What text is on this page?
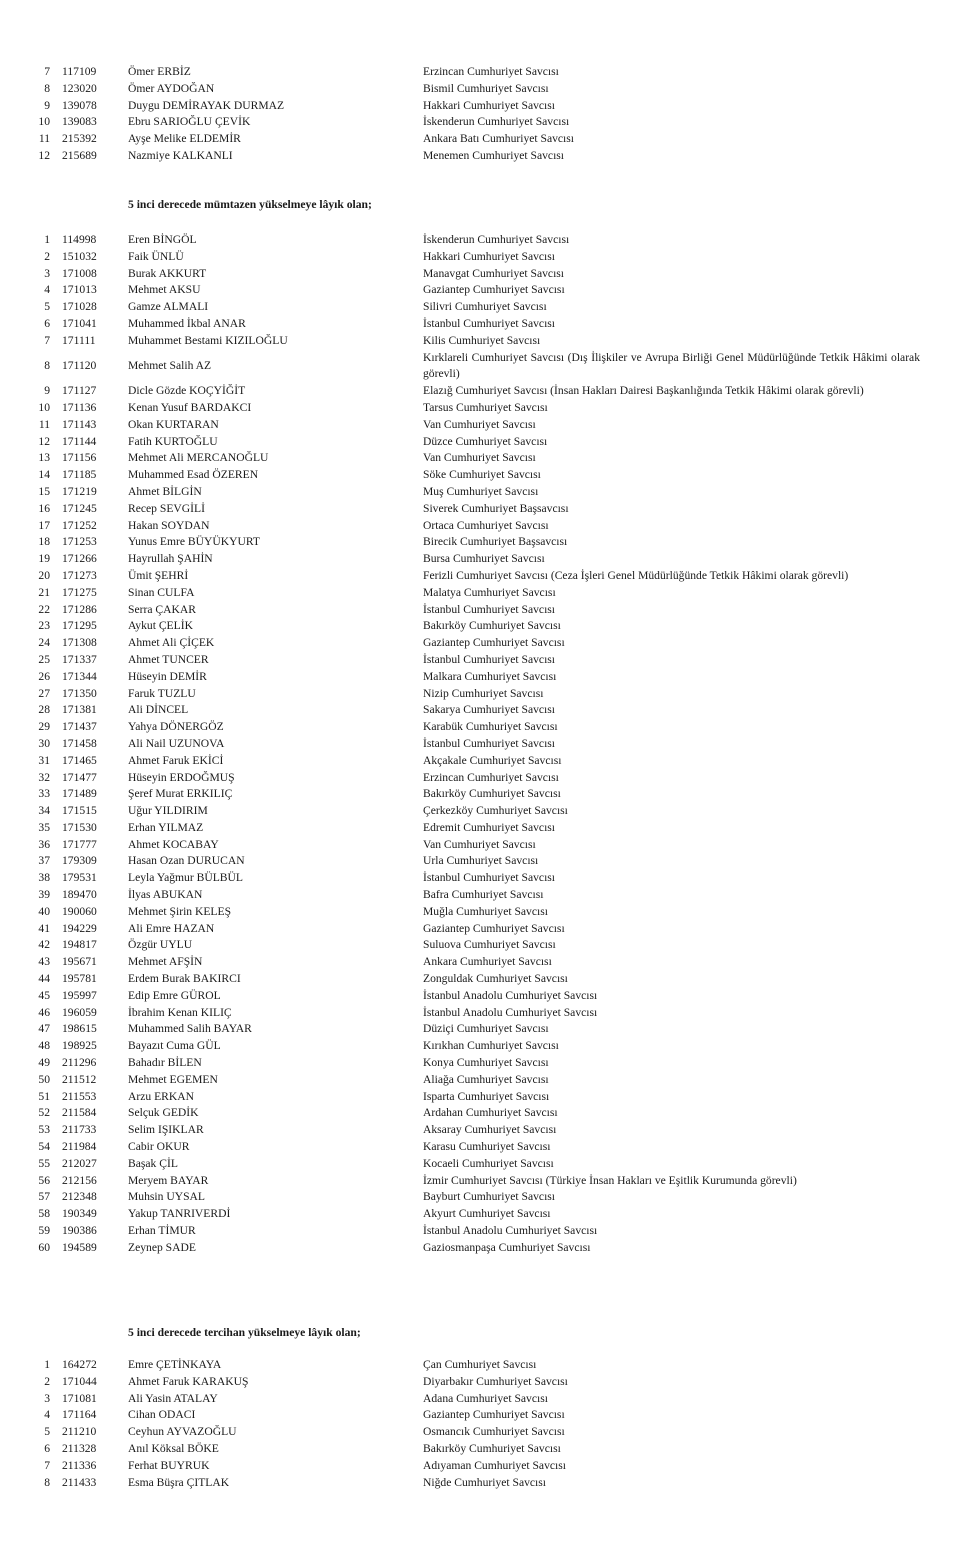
7 117109	Ömer ERBİZ	Erzincan Cumhuriyet Savcısı
8 123020	Ömer AYDOĞAN	Bismil Cumhuriyet Savcısı
9 139078	Duygu DEMİRAYAK DURMAZ	Hakkari Cumhuriyet Savcısı
10 139083	Ebru SARIOĞLU ÇEVİK	İskenderun Cumhuriyet Savcısı
11 215392	Ayşe Melike ELDEMİR	Ankara Batı Cumhuriyet Savcısı
12 215689	Nazmiye KALKANLI	Menemen Cumhuriyet Savcısı
5 inci derecede mümtazen yükselmeye lâyık olan;
1 114998	Eren BİNGÖL	İskenderun Cumhuriyet Savcısı
2 151032	Faik ÜNLÜ	Hakkari Cumhuriyet Savcısı
3 171008	Burak AKKURT	Manavgat Cumhuriyet Savcısı
4 171013	Mehmet AKSU	Gaziantep Cumhuriyet Savcısı
5 171028	Gamze ALMALI	Silivri Cumhuriyet Savcısı
6 171041	Muhammed İkbal ANAR	İstanbul Cumhuriyet Savcısı
7 171111	Muhammet Bestami KIZILOĞLU	Kilis Cumhuriyet Savcısı
8 171120	Mehmet Salih AZ
Kırklareli Cumhuriyet Savcısı (Dış İlişkiler ve Avrupa Birliği Genel Müdürlüğünde Tetkik Hâkimi olarak görevli)
9 171127	Dicle Gözde KOÇYİĞİT	Elazığ Cumhuriyet Savcısı (İnsan Hakları Dairesi Başkanlığında Tetkik Hâkimi olarak görevli)
10 171136	Kenan Yusuf BARDAKCI	Tarsus Cumhuriyet Savcısı
11 171143	Okan KURTARAN	Van Cumhuriyet Savcısı
12 171144	Fatih KURTOĞLU	Düzce Cumhuriyet Savcısı
13 171156	Mehmet Ali MERCANOĞLU	Van Cumhuriyet Savcısı
14 171185	Muhammed Esad ÖZEREN	Söke Cumhuriyet Savcısı
15 171219	Ahmet BİLGİN	Muş Cumhuriyet Savcısı
16 171245	Recep SEVGİLİ	Siverek Cumhuriyet Başsavcısı
17 171252	Hakan SOYDAN	Ortaca Cumhuriyet Savcısı
18 171253	Yunus Emre BÜYÜKYURT	Birecik Cumhuriyet Başsavcısı
19 171266	Hayrullah ŞAHİN	Bursa Cumhuriyet Savcısı
20 171273	Ümit ŞEHRİ	Ferizli Cumhuriyet Savcısı (Ceza İşleri Genel Müdürlüğünde Tetkik Hâkimi olarak görevli)
21 171275	Sinan CULFA	Malatya Cumhuriyet Savcısı
22 171286	Serra ÇAKAR	İstanbul Cumhuriyet Savcısı
23 171295	Aykut ÇELİK	Bakırköy Cumhuriyet Savcısı
24 171308	Ahmet Ali ÇİÇEK	Gaziantep Cumhuriyet Savcısı
25 171337	Ahmet TUNCER	İstanbul Cumhuriyet Savcısı
26 171344	Hüseyin DEMİR	Malkara Cumhuriyet Savcısı
27 171350	Faruk TUZLU	Nizip Cumhuriyet Savcısı
28 171381	Ali DİNCEL	Sakarya Cumhuriyet Savcısı
29 171437	Yahya DÖNERGÖZ	Karabük Cumhuriyet Savcısı
30 171458	Ali Nail UZUNOVA	İstanbul Cumhuriyet Savcısı
31 171465	Ahmet Faruk EKİCİ	Akçakale Cumhuriyet Savcısı
32 171477	Hüseyin ERDOĞMUŞ	Erzincan Cumhuriyet Savcısı
33 171489	Şeref Murat ERKILIÇ	Bakırköy Cumhuriyet Savcısı
34 171515	Uğur YILDIRIM	Çerkezköy Cumhuriyet Savcısı
35 171530	Erhan YILMAZ	Edremit Cumhuriyet Savcısı
36 171777	Ahmet KOCABAY	Van Cumhuriyet Savcısı
37 179309	Hasan Ozan DURUCAN	Urla Cumhuriyet Savcısı
38 179531	Leyla Yağmur BÜLBÜL	İstanbul Cumhuriyet Savcısı
39 189470	İlyas ABUKAN	Bafra Cumhuriyet Savcısı
40 190060	Mehmet Şirin KELEŞ	Muğla Cumhuriyet Savcısı
41 194229	Ali Emre HAZAN	Gaziantep Cumhuriyet Savcısı
42 194817	Özgür UYLU	Suluova Cumhuriyet Savcısı
43 195671	Mehmet AFŞİN	Ankara Cumhuriyet Savcısı
44 195781	Erdem Burak BAKIRCI	Zonguldak Cumhuriyet Savcısı
45 195997	Edip Emre GÜROL	İstanbul Anadolu Cumhuriyet Savcısı
46 196059	İbrahim Kenan KILIÇ	İstanbul Anadolu Cumhuriyet Savcısı
47 198615	Muhammed Salih BAYAR	Düziçi Cumhuriyet Savcısı
48 198925	Bayazıt Cuma GÜL	Kırıkhan Cumhuriyet Savcısı
49 211296	Bahadır BİLEN	Konya Cumhuriyet Savcısı
50 211512	Mehmet EGEMEN	Aliağa Cumhuriyet Savcısı
51 211553	Arzu ERKAN	Isparta Cumhuriyet Savcısı
52 211584	Selçuk GEDİK	Ardahan Cumhuriyet Savcısı
53 211733	Selim IŞIKLAR	Aksaray Cumhuriyet Savcısı
54 211984	Cabir OKUR	Karasu Cumhuriyet Savcısı
55 212027	Başak ÇİL	Kocaeli Cumhuriyet Savcısı
56 212156	Meryem BAYAR	İzmir Cumhuriyet Savcısı (Türkiye İnsan Hakları ve Eşitlik Kurumunda görevli)
57 212348	Muhsin UYSAL	Bayburt Cumhuriyet Savcısı
58 190349	Yakup TANRIVERDİ	Akyurt Cumhuriyet Savcısı
59 190386	Erhan TİMUR	İstanbul Anadolu Cumhuriyet Savcısı
60 194589	Zeynep SADE	Gaziosmanpaşa Cumhuriyet Savcısı
5 inci derecede tercihan yükselmeye lâyık olan;
1 164272	Emre ÇETİNKAYA	Çan Cumhuriyet Savcısı
2 171044	Ahmet Faruk KARAKUŞ	Diyarbakır Cumhuriyet Savcısı
3 171081	Ali Yasin ATALAY	Adana Cumhuriyet Savcısı
4 171164	Cihan ODACI	Gaziantep Cumhuriyet Savcısı
5 211210	Ceyhun AYVAZOĞLU	Osmancık Cumhuriyet Savcısı
6 211328	Anıl Köksal BÖKE	Bakırköy Cumhuriyet Savcısı
7 211336	Ferhat BUYRUK	Adıyaman Cumhuriyet Savcısı
8 211433	Esma Büşra ÇITLAK	Niğde Cumhuriyet Savcısı
